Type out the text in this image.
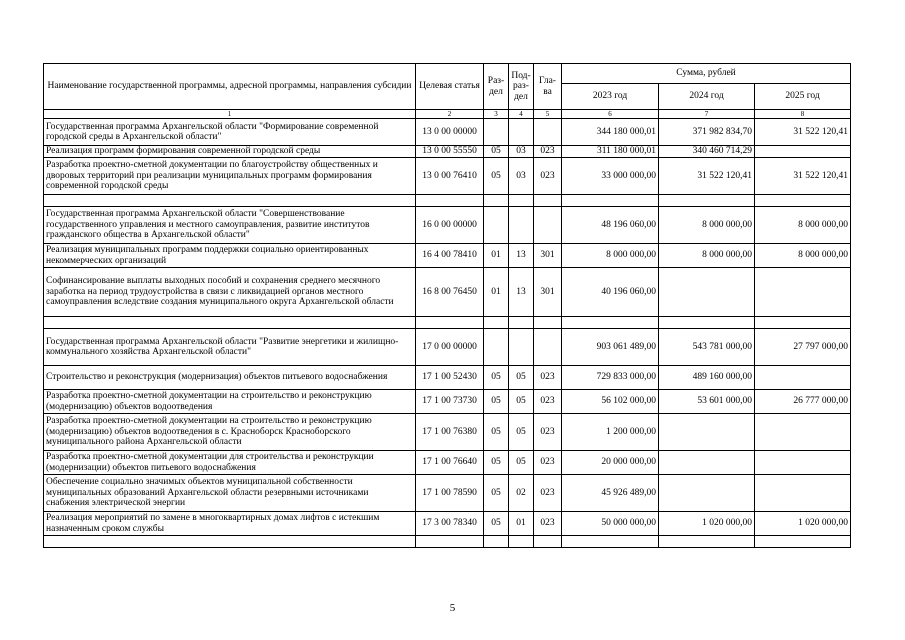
Наименование государственной программы, адресной программы, направления субсидии	Целевая статья	Раз-дел	Под-раз-дел	Гла-ва	Сумма, рублей		
					2023 год	2024 год	2025 год
1	2	3	4	5	6	7	8
Государственная программа Архангельской области "Формирование современной городской среды в Архангельской области"	13 0 00 00000				344 180 000,01	371 982 834,70	31 522 120,41
Реализация программ формирования современной городской среды	13 0 00 55550	05	03	023	311 180 000,01	340 460 714,29	
Разработка проектно-сметной документации по благоустройству общественных и дворовых территорий при реализации муниципальных программ формирования современной городской среды	13 0 00 76410	05	03	023	33 000 000,00	31 522 120,41	31 522 120,41

Государственная программа Архангельской области "Совершенствование государственного управления и местного самоуправления, развитие институтов гражданского общества в Архангельской области"	16 0 00 00000				48 196 060,00	8 000 000,00	8 000 000,00
Реализация муниципальных программ поддержки социально ориентированных некоммерческих организаций	16 4 00 78410	01	13	301	8 000 000,00	8 000 000,00	8 000 000,00
Софинансирование выплаты выходных пособий и сохранения среднего месячного заработка на период трудоустройства в связи с ликвидацией органов местного самоуправления вследствие создания муниципального округа Архангельской области	16 8 00 76450	01	13	301	40 196 060,00		

Государственная программа Архангельской области "Развитие энергетики и жилищно-коммунального хозяйства Архангельской области"	17 0 00 00000				903 061 489,00	543 781 000,00	27 797 000,00
Строительство и реконструкция (модернизация) объектов питьевого водоснабжения	17 1 00 52430	05	05	023	729 833 000,00	489 160 000,00	
Разработка проектно-сметной документации на строительство и реконструкцию (модернизацию) объектов водоотведения	17 1 00 73730	05	05	023	56 102 000,00	53 601 000,00	26 777 000,00
Разработка проектно-сметной документации на строительство и реконструкцию (модернизацию) объектов водоотведения в с. Красноборск Красноборского муниципального района Архангельской области	17 1 00 76380	05	05	023	1 200 000,00		
Разработка проектно-сметной документации для строительства и реконструкции (модернизации) объектов питьевого водоснабжения	17 1 00 76640	05	05	023	20 000 000,00		
Обеспечение социально значимых объектов муниципальной собственности муниципальных образований Архангельской области резервными источниками снабжения электрической энергии	17 1 00 78590	05	02	023	45 926 489,00		
Реализация мероприятий по замене в многоквартирных домах лифтов с истекшим назначенным сроком службы	17 3 00 78340	05	01	023	50 000 000,00	1 020 000,00	1 020 000,00

5
